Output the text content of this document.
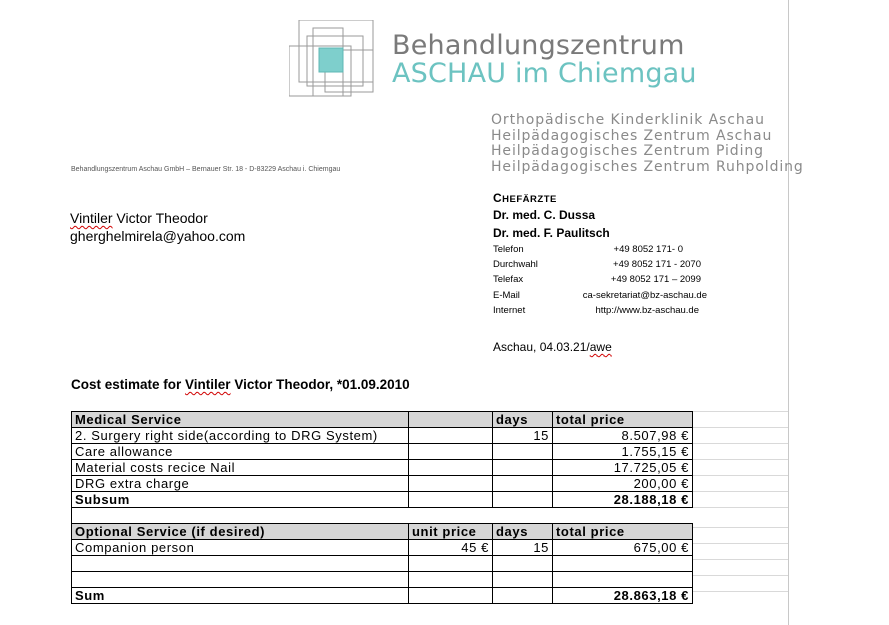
Behandlungszentrum
ASCHAU im Chiemgau
Orthopädische Kinderklinik Aschau
Heilpädagogisches Zentrum Aschau
Heilpädagogisches Zentrum Piding
Heilpädagogisches Zentrum Ruhpolding
Behandlungszentrum Aschau GmbH – Bernauer Str. 18 - D-83229 Aschau i. Chiemgau
Vintiler Victor Theodor
gherghelmirela@yahoo.com
CHEFÄRZTE
Dr. med. C. Dussa
Dr. med. F. Paulitsch
Telefon	+49 8052 171- 0
Durchwahl	+49 8052 171 - 2070
Telefax	+49 8052 171 – 2099
E-Mail	ca-sekretariat@bz-aschau.de
Internet	http://www.bz-aschau.de
Aschau, 04.03.21/awe
Cost estimate for Vintiler Victor Theodor, *01.09.2010
Medical Service		days	total price
2. Surgery right side(according to DRG System)		15	8.507,98 €
Care allowance			1.755,15 €
Material costs recice Nail			17.725,05 €
DRG extra charge			200,00 €
Subsum			28.188,18 €

Optional Service (if desired)	unit price	days	total price
Companion person	45 €	15	675,00 €

Sum			28.863,18 €
